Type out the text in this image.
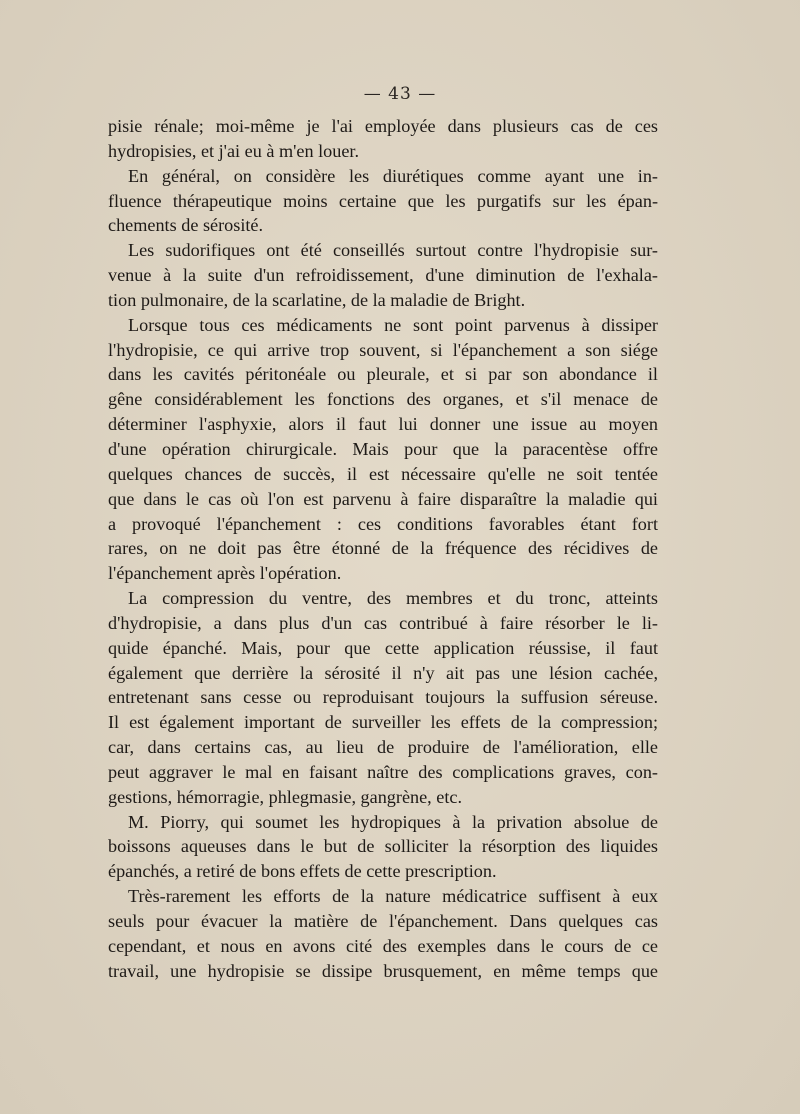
— 43 —
pisie rénale; moi-même je l'ai employée dans plusieurs cas de ces
hydropisies, et j'ai eu à m'en louer.
En général, on considère les diurétiques comme ayant une in-
fluence thérapeutique moins certaine que les purgatifs sur les épan-
chements de sérosité.
Les sudorifiques ont été conseillés surtout contre l'hydropisie sur-
venue à la suite d'un refroidissement, d'une diminution de l'exhala-
tion pulmonaire, de la scarlatine, de la maladie de Bright.
Lorsque tous ces médicaments ne sont point parvenus à dissiper
l'hydropisie, ce qui arrive trop souvent, si l'épanchement a son siége
dans les cavités péritonéale ou pleurale, et si par son abondance il
gêne considérablement les fonctions des organes, et s'il menace de
déterminer l'asphyxie, alors il faut lui donner une issue au moyen
d'une opération chirurgicale. Mais pour que la paracentèse offre
quelques chances de succès, il est nécessaire qu'elle ne soit tentée
que dans le cas où l'on est parvenu à faire disparaître la maladie qui
a provoqué l'épanchement : ces conditions favorables étant fort
rares, on ne doit pas être étonné de la fréquence des récidives de
l'épanchement après l'opération.
La compression du ventre, des membres et du tronc, atteints
d'hydropisie, a dans plus d'un cas contribué à faire résorber le li-
quide épanché. Mais, pour que cette application réussise, il faut
également que derrière la sérosité il n'y ait pas une lésion cachée,
entretenant sans cesse ou reproduisant toujours la suffusion séreuse.
Il est également important de surveiller les effets de la compression;
car, dans certains cas, au lieu de produire de l'amélioration, elle
peut aggraver le mal en faisant naître des complications graves, con-
gestions, hémorragie, phlegmasie, gangrène, etc.
M. Piorry, qui soumet les hydropiques à la privation absolue de
boissons aqueuses dans le but de solliciter la résorption des liquides
épanchés, a retiré de bons effets de cette prescription.
Très-rarement les efforts de la nature médicatrice suffisent à eux
seuls pour évacuer la matière de l'épanchement. Dans quelques cas
cependant, et nous en avons cité des exemples dans le cours de ce
travail, une hydropisie se dissipe brusquement, en même temps que
